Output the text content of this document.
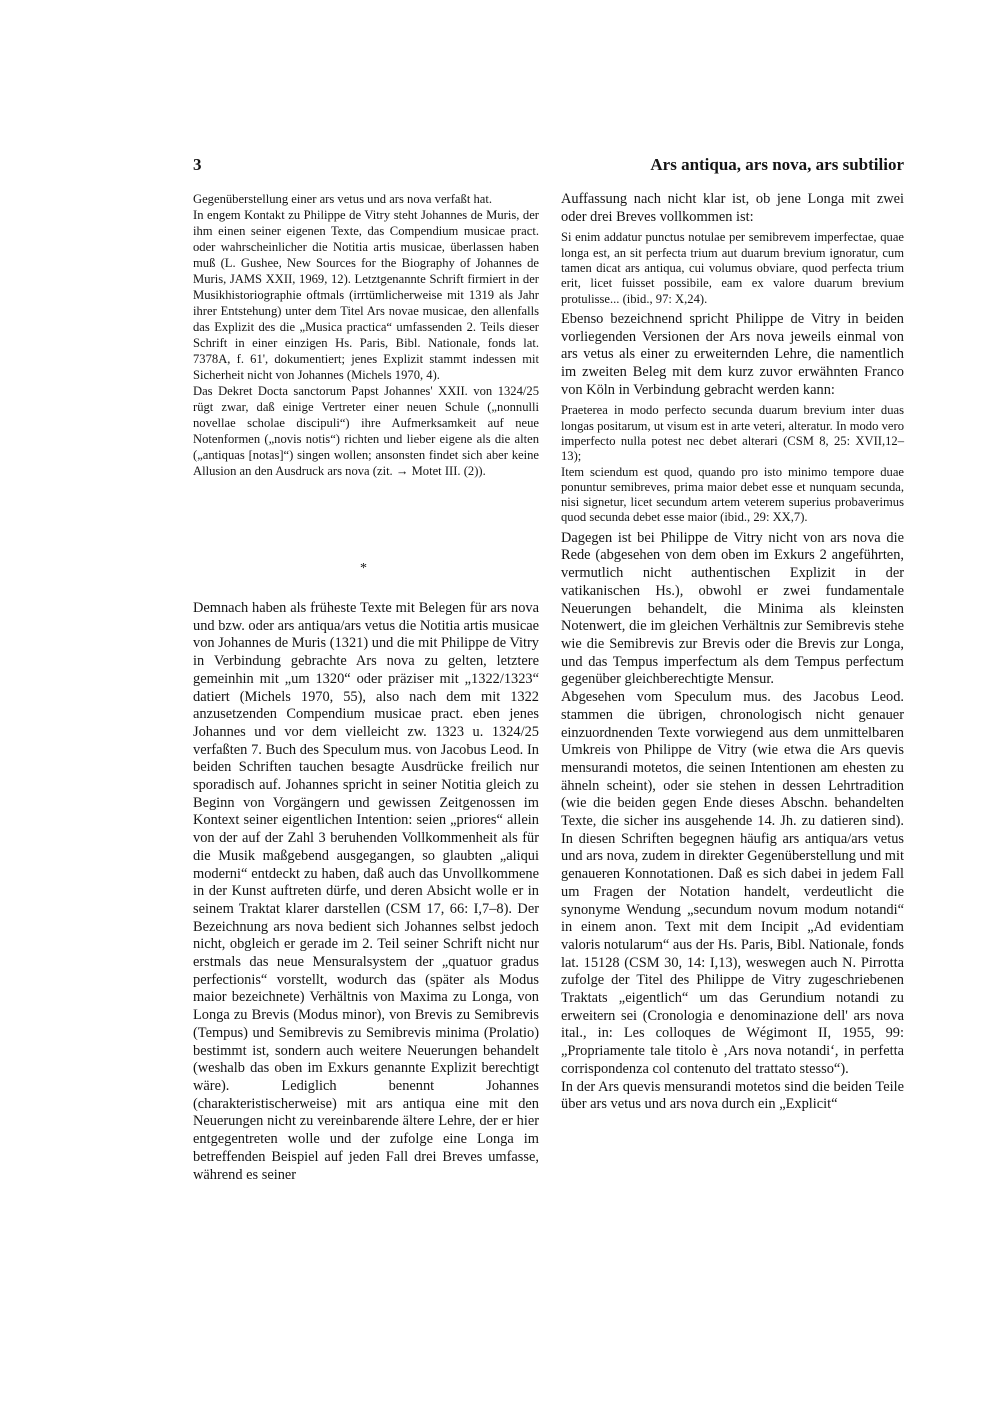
3	Ars antiqua, ars nova, ars subtilior

Gegenüberstellung einer ars vetus und ars nova verfaßt hat.

In engem Kontakt zu Philippe de Vitry steht Johannes de Muris, der ihm einen seiner eigenen Texte, das Compendium musicae pract. oder wahrscheinlicher die Notitia artis musicae, überlassen haben muß (L. Gushee, New Sources for the Biography of Johannes de Muris, JAMS XXII, 1969, 12). Letztgenannte Schrift firmiert in der Musikhistoriographie oftmals (irrtümlicherweise mit 1319 als Jahr ihrer Entstehung) unter dem Titel Ars novae musicae, den allenfalls das Explizit des die „Musica practica“ umfassenden 2. Teils dieser Schrift in einer einzigen Hs. Paris, Bibl. Nationale, fonds lat. 7378A, f. 61', dokumentiert; jenes Explizit stammt indessen mit Sicherheit nicht von Johannes (Michels 1970, 4).

Das Dekret Docta sanctorum Papst Johannes' XXII. von 1324/25 rügt zwar, daß einige Vertreter einer neuen Schule („nonnulli novellae scholae discipuli“) ihre Aufmerksamkeit auf neue Notenformen („novis notis“) richten und lieber eigene als die alten („antiquas [notas]“) singen wollen; ansonsten findet sich aber keine Allusion an den Ausdruck ars nova (zit. → Motet III. (2)).

*

Demnach haben als früheste Texte mit Belegen für ars nova und bzw. oder ars antiqua/ars vetus die Notitia artis musicae von Johannes de Muris (1321) und die mit Philippe de Vitry in Verbindung gebrachte Ars nova zu gelten, letztere gemeinhin mit „um 1320“ oder präziser mit „1322/1323“ datiert (Michels 1970, 55), also nach dem mit 1322 anzusetzenden Compendium musicae pract. eben jenes Johannes und vor dem vielleicht zw. 1323 u. 1324/25 verfaßten 7. Buch des Speculum mus. von Jacobus Leod. In beiden Schriften tauchen besagte Ausdrücke freilich nur sporadisch auf. Johannes spricht in seiner Notitia gleich zu Beginn von Vorgängern und gewissen Zeitgenossen im Kontext seiner eigentlichen Intention: seien „priores“ allein von der auf der Zahl 3 beruhenden Vollkommenheit als für die Musik maßgebend ausgegangen, so glaubten „aliqui moderni“ entdeckt zu haben, daß auch das Unvollkommene in der Kunst auftreten dürfe, und deren Absicht wolle er in seinem Traktat klarer darstellen (CSM 17, 66: I,7–8). Der Bezeichnung ars nova bedient sich Johannes selbst jedoch nicht, obgleich er gerade im 2. Teil seiner Schrift nicht nur erstmals das neue Mensuralsystem der „quatuor gradus perfectionis“ vorstellt, wodurch das (später als Modus maior bezeichnete) Verhältnis von Maxima zu Longa, von Longa zu Brevis (Modus minor), von Brevis zu Semibrevis (Tempus) und Semibrevis zu Semibrevis minima (Prolatio) bestimmt ist, sondern auch weitere Neuerungen behandelt (weshalb das oben im Exkurs genannte Explizit berechtigt wäre). Lediglich benennt Johannes (charakteristischerweise) mit ars antiqua eine mit den Neuerungen nicht zu vereinbarende ältere Lehre, der er hier entgegentreten wolle und der zufolge eine Longa im betreffenden Beispiel auf jeden Fall drei Breves umfasse, während es seiner

Auffassung nach nicht klar ist, ob jene Longa mit zwei oder drei Breves vollkommen ist:

Si enim addatur punctus notulae per semibrevem imperfectae, quae longa est, an sit perfecta trium aut duarum brevium ignoratur, cum tamen dicat ars antiqua, cui volumus obviare, quod perfecta trium erit, licet fuisset possibile, eam ex valore duarum brevium protulisse... (ibid., 97: X,24).

Ebenso bezeichnend spricht Philippe de Vitry in beiden vorliegenden Versionen der Ars nova jeweils einmal von ars vetus als einer zu erweiternden Lehre, die namentlich im zweiten Beleg mit dem kurz zuvor erwähnten Franco von Köln in Verbindung gebracht werden kann:

Praeterea in modo perfecto secunda duarum brevium inter duas longas positarum, ut visum est in arte veteri, alteratur. In modo vero imperfecto nulla potest nec debet alterari (CSM 8, 25: XVII,12–13);

Item sciendum est quod, quando pro isto minimo tempore duae ponuntur semibreves, prima maior debet esse et nunquam secunda, nisi signetur, licet secundum artem veterem superius probaverimus quod secunda debet esse maior (ibid., 29: XX,7).

Dagegen ist bei Philippe de Vitry nicht von ars nova die Rede (abgesehen von dem oben im Exkurs 2 angeführten, vermutlich nicht authentischen Explizit in der vatikanischen Hs.), obwohl er zwei fundamentale Neuerungen behandelt, die Minima als kleinsten Notenwert, die im gleichen Verhältnis zur Semibrevis stehe wie die Semibrevis zur Brevis oder die Brevis zur Longa, und das Tempus imperfectum als dem Tempus perfectum gegenüber gleichberechtigte Mensur.

Abgesehen vom Speculum mus. des Jacobus Leod. stammen die übrigen, chronologisch nicht genauer einzuordnenden Texte vorwiegend aus dem unmittelbaren Umkreis von Philippe de Vitry (wie etwa die Ars quevis mensurandi motetos, die seinen Intentionen am ehesten zu ähneln scheint), oder sie stehen in dessen Lehrtradition (wie die beiden gegen Ende dieses Abschn. behandelten Texte, die sicher ins ausgehende 14. Jh. zu datieren sind). In diesen Schriften begegnen häufig ars antiqua/ars vetus und ars nova, zudem in direkter Gegenüberstellung und mit genaueren Konnotationen. Daß es sich dabei in jedem Fall um Fragen der Notation handelt, verdeutlicht die synonyme Wendung „secundum novum modum notandi“ in einem anon. Text mit dem Incipit „Ad evidentiam valoris notularum“ aus der Hs. Paris, Bibl. Nationale, fonds lat. 15128 (CSM 30, 14: I,13), weswegen auch N. Pirrotta zufolge der Titel des Philippe de Vitry zugeschriebenen Traktats „eigentlich“ um das Gerundium notandi zu erweitern sei (Cronologia e denominazione dell' ars nova ital., in: Les colloques de Wégimont II, 1955, 99: „Propriamente tale titolo è ‚Ars nova notandi‘, in perfetta corrispondenza col contenuto del trattato stesso“).

In der Ars quevis mensurandi motetos sind die beiden Teile über ars vetus und ars nova durch ein „Explicit“
